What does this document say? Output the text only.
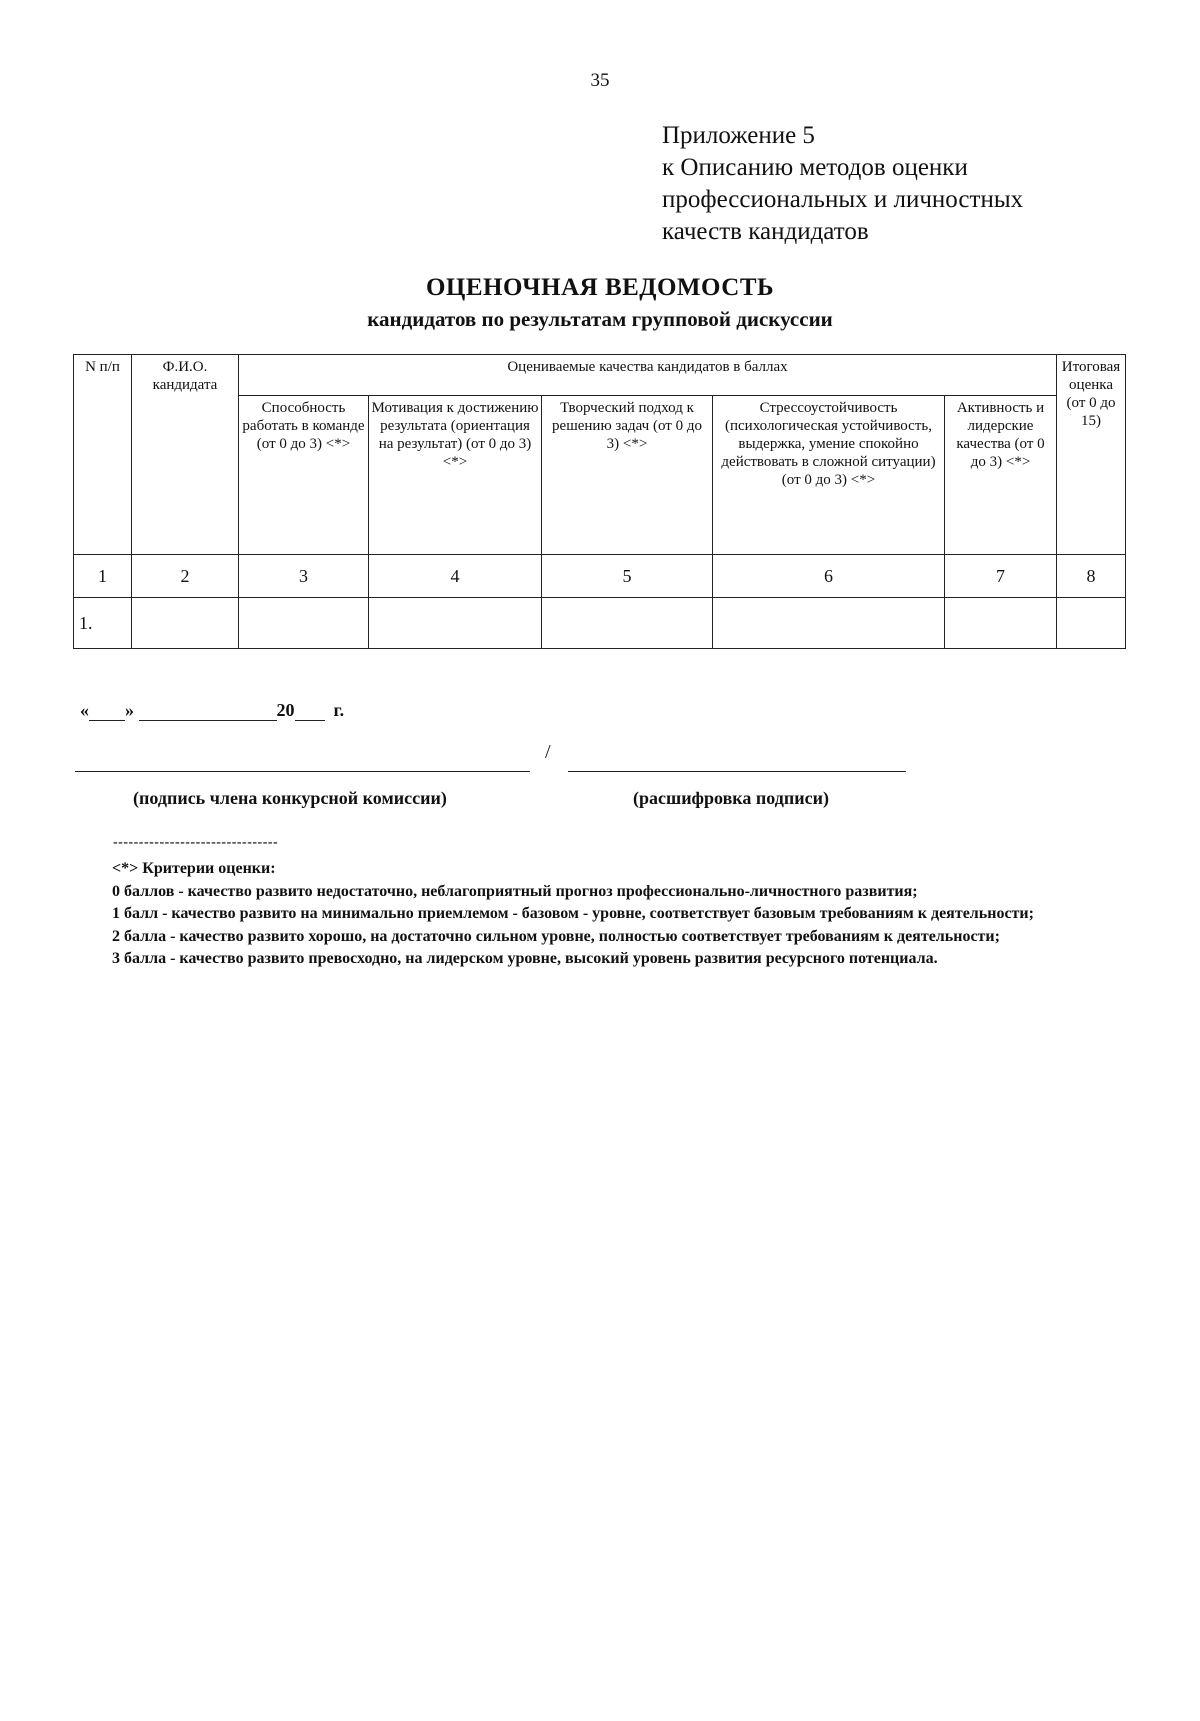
35
Приложение 5
к Описанию методов оценки
профессиональных и личностных
качеств кандидатов
ОЦЕНОЧНАЯ ВЕДОМОСТЬ
кандидатов по результатам групповой дискуссии
N п/п	Ф.И.О. кандидата	Оцениваемые качества кандидатов в баллах					Итоговая оценка (от 0 до 15)
		Способность работать в команде (от 0 до 3) <*>	Мотивация к достижению результата (ориентация на результат) (от 0 до 3) <*>	Творческий подход к решению задач (от 0 до 3) <*>	Стрессоустойчивость (психологическая устойчивость, выдержка, умение спокойно действовать в сложной ситуации) (от 0 до 3) <*>	Активность и лидерские качества (от 0 до 3) <*>	
1	2	3	4	5	6	7	8
1.							
« »	20 г.
/
(подпись члена конкурсной комиссии)	(расшифровка подписи)
--------------------------------

<*> Критерии оценки:

0 баллов - качество развито недостаточно, неблагоприятный прогноз профессионально-личностного развития;

1 балл - качество развито на минимально приемлемом - базовом - уровне, соответствует базовым требованиям к деятельности;

2 балла - качество развито хорошо, на достаточно сильном уровне, полностью соответствует требованиям к деятельности;

3 балла - качество развито превосходно, на лидерском уровне, высокий уровень развития ресурсного потенциала.
